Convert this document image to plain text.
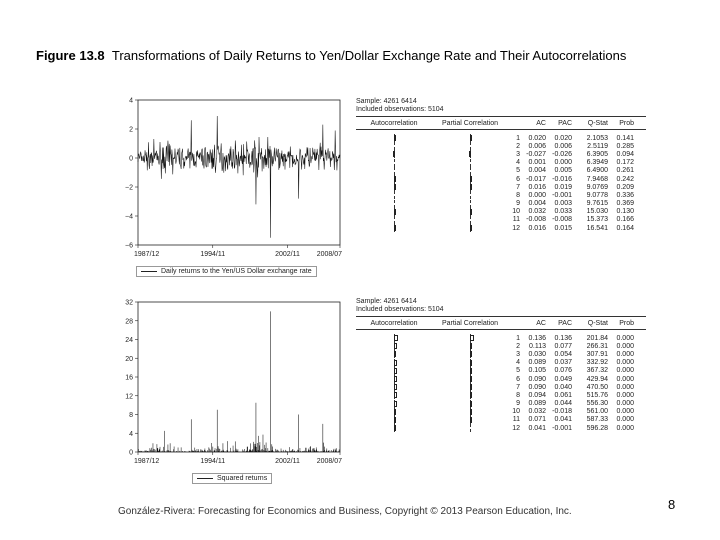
Figure 13.8 Transformations of Daily Returns to Yen/Dollar Exchange Rate and Their Autocorrelations
4
2
0
−2
−4
−6
1987/12	1994/11	2002/11 2008/07
Daily returns to the Yen/US Dollar exchange rate
32
28
24
20
16
12
8
4
0
1987/12	1994/11	2002/11 2008/07
Squared returns
Sample: 4261 6414
Included observations: 5104
Autocorrelation	Partial Correlation	AC	PAC	Q-Stat	Prob
1	0.020	0.020	2.1053	0.141
2	0.006	0.006	2.5119	0.285
3 -0.027 -0.026	6.3905	0.094
4	0.001	0.000	6.3949	0.172
5	0.004	0.005	6.4900	0.261
6 -0.017 -0.016	7.9468	0.242
7	0.016	0.019	9.0769	0.209
8	0.000 -0.001	9.0778	0.336
9	0.004	0.003	9.7615	0.369
10	0.032	0.033	15.030	0.130
11 -0.008 -0.008	15.373	0.166
12	0.016	0.015	16.541	0.164
Sample: 4261 6414
Included observations: 5104
Autocorrelation	Partial Correlation	AC	PAC	Q-Stat	Prob
1	0.136	0.136	201.84	0.000
2	0.113	0.077	266.31	0.000
3	0.030	0.054	307.91	0.000
4	0.089	0.037	332.92	0.000
5	0.105	0.076	367.32	0.000
6	0.090	0.049	429.94	0.000
7	0.090	0.040	470.50	0.000
8	0.094	0.061	515.76	0.000
9	0.089	0.044	556.30	0.000
10	0.032 -0.018	561.00	0.000
11	0.071	0.041	587.33	0.000
12	0.041 -0.001	596.28	0.000
González-Rivera: Forecasting for Economics and Business, Copyright © 2013 Pearson Education, Inc.	8
